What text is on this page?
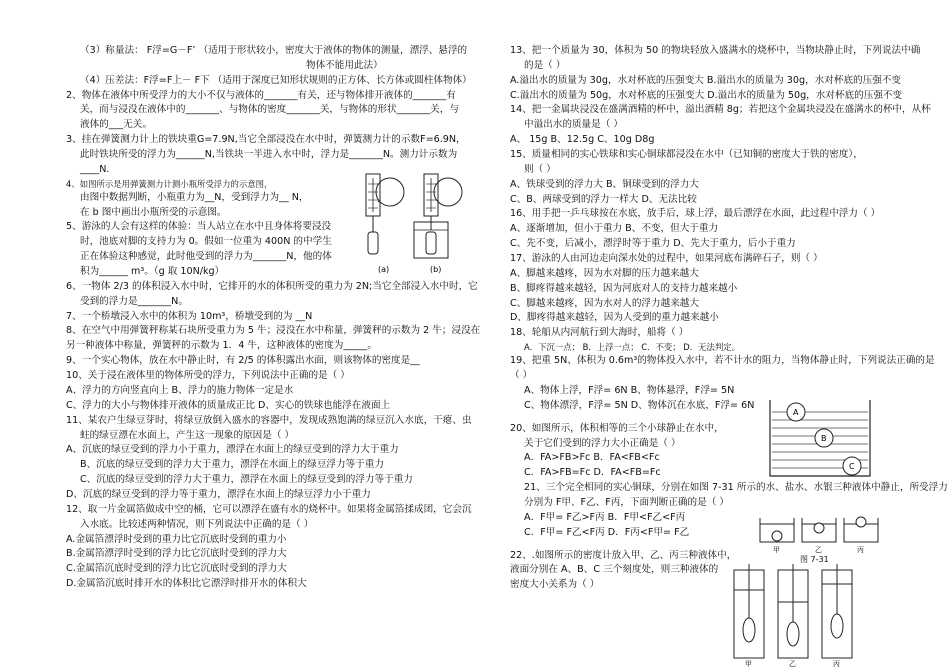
（3）称量法： F浮=G－F’ （适用于形状较小，密度大于液体的物体的测量，漂浮、悬浮的
物体不能用此法）
（4）压差法：F浮=F上－ F下 （适用于深度已知形状规则的正方体、长方体或圆柱体物体）
2、物体在液体中所受浮力的大小不仅与液体的_______有关，还与物体排开液体的_______有
关，而与浸没在液体中的_______、与物体的密度_______关，与物体的形状_______关，与
液体的___无关。
3、挂在弹簧测力计上的铁块重G=7.9N,当它全部浸没在水中时，弹簧测力计的示数F=6.9N，
此时铁块所受的浮力为______N,当铁块一半进入水中时，浮力是_______N。测力计示数为
____N.
4、如图所示是用弹簧测力计测小瓶所受浮力的示意图，
由图中数据判断，小瓶重力为__N，受到浮力为__ N，
在 b 图中画出小瓶所受的示意图。
5、游泳的人会有这样的体验：当人站立在水中且身体将要浸没
时，池底对脚的支持力为 0。假如一位重为 400N 的中学生
正在体验这种感觉，此时他受到的浮力为_______N，他的体
积为______ m³。（g 取 10N/kg）
6、一物体 2/3 的体积浸入水中时，它排开的水的体积所受的重力为 2N;当它全部浸入水中时，它
受到的浮力是_______N。
7、一个桥墩浸入水中的体积为 10m³，桥墩受到的为 __N
8、在空气中用弹簧秤称某石块所受重力为 5 牛；浸没在水中称量，弹簧秤的示数为 2 牛；浸没在
另一种液体中称量，弹簧秤的示数为 1．4 牛，这种液体的密度为_____。
9、一个实心物体，放在水中静止时，有 2/5 的体积露出水面，则该物体的密度是__
10、关于浸在液体里的物体所受的浮力，下列说法中正确的是（ ）
A、浮力的方向竖直向上 B、浮力的施力物体一定是水
C、浮力的大小与物体排开液体的质量成正比 D、实心的铁球也能浮在液面上
11、某农户生绿豆芽时，将绿豆放倒入盛水的容器中，发现成熟饱满的绿豆沉入水底，干瘪、虫
蛀的绿豆漂在水面上，产生这一现象的原因是（ ）
A、沉底的绿豆受到的浮力小于重力，漂浮在水面上的绿豆受到的浮力大于重力
B、沉底的绿豆受到的浮力大于重力，漂浮在水面上的绿豆浮力等于重力
C、沉底的绿豆受到的浮力大于重力，漂浮在水面上的绿豆受到的浮力等于重力
D、沉底的绿豆受到的浮力等于重力，漂浮在水面上的绿豆浮力小于重力
12、取一片金属箔做成中空的桶，它可以漂浮在盛有水的烧杯中。如果将金属箔揉成团，它会沉
入水底。比较述两种情况，则下列说法中正确的是（ ）
A.金属箔漂浮时受到的重力比它沉底时受到的重力小
B.金属箔漂浮时受到的浮力比它沉底时受到的浮力大
C.金属箔沉底时受到的浮力比它沉底时受到的浮力大
D.金属箔沉底时排开水的体积比它漂浮时排开水的体积大
13、把一个质量为 30，体积为 50 的物块轻放入盛满水的烧杯中，当物块静止时，下列说法中确
的是（ ）
A.溢出水的质量为 30g，水对杯底的压强变大 B.溢出水的质量为 30g，水对杯底的压强不变
C.溢出水的质量为 50g，水对杯底的压强变大 D.溢出水的质量为 50g，水对杯底的压强不变
14、把一金属块浸没在盛满酒精的杯中，溢出酒精 8g；若把这个金属块浸没在盛满水的杯中，从杯
中溢出水的质量是（ ）
A、 15g B、12.5g C、10g D8g
15、质量相同的实心铁球和实心铜球都浸没在水中（已知铜的密度大于铁的密度），
则（ ）
A、铁球受到的浮力大 B、铜球受到的浮力大
C、B、两球受到的浮力一样大 D、无法比较
16、用手把一乒乓球按在水底，放手后，球上浮，最后漂浮在水面，此过程中浮力（ ）
A、逐渐增加，但小于重力 B、不变，但大于重力
C、先不变，后减小，漂浮时等于重力 D、先大于重力，后小于重力
17、游泳的人由河边走向深水处的过程中，如果河底布满碎石子，则（ ）
A、脚越来越疼，因为水对脚的压力越来越大
B、脚疼得越来越轻，因为河底对人的支持力越来越小
C、脚越来越疼，因为水对人的浮力越来越大
D、脚疼得越来越轻，因为人受到的重力越来越小
18、轮船从内河航行到大海时，船将（ ）
A．下沉一点； B．上浮一点； C．不变； D．无法判定。
19、把重 5N、体积为 0.6m³的物体投入水中，若不计水的阻力，当物体静止时，下列说法正确的是
（ ）
A、物体上浮，F浮= 6N B、物体悬浮，F浮= 5N
C、物体漂浮，F浮= 5N D、物体沉在水底，F浮= 6N
20、如图所示，体积相等的三个小球静止在水中，
关于它们受到的浮力大小正确是（ ）
A．FA>FB>Fc B．FA<FB<Fc
C．FA>FB=Fc D．FA<FB=Fc
21、三个完全相同的实心铜球，分别在如图 7-31 所示的水、盐水、水银三种液体中静止，所受浮力
分别为 F甲、F乙、F丙，下面判断正确的是（ ）
A．F甲= F乙>F丙 B．F甲<F乙<F丙
C．F甲= F乙<F丙 D．F丙<F甲= F乙
22、.如图所示的密度计放入甲、乙、丙三种液体中，
液面分别在 A、B、C 三个刻度处，则三种液体的
密度大小关系为（ ）
(a)	(b)
A
B
C
甲	乙	丙
图 7-31
甲	乙	丙
